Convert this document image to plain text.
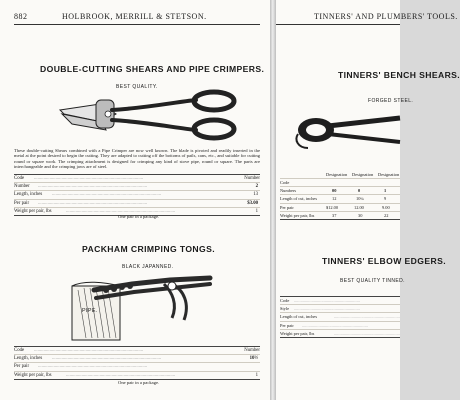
882	HOLBROOK, MERRILL & STETSON.
DOUBLE-CUTTING SHEARS AND PIPE CRIMPERS.
BEST QUALITY.
These double-cutting Shears combined with a Pipe Crimper are now well known. The blade is pivoted and readily inserted in the metal at the point desired to begin the cutting. They are adapted to cutting off the bottoms of pails, cans, etc., and suitable for cutting round or square work. The crimping attachment is designed for crimping any kind of stove pipe, round or square. The parts are interchangeable and the crimping jaws are of steel.
Code ...........................................................................................	Number
Number ...........................................................................................	2
Length, inches ...........................................................................................	13
Per pair ...........................................................................................	$3.00
Weight per pair, lbs	...........................................................................................	1
One pair in a package.
PACKHAM CRIMPING TONGS.
BLACK JAPANNED.
PIPE.
Code ...........................................................................................	Number
Length, inches ...........................................................................................	10½
Per pair ...........................................................................................
Weight per pair, lbs	...........................................................................................	1
One pair in a package.
TINNERS' AND PLUMBERS' TOOLS.
TINNERS' BENCH SHEARS.
FORGED STEEL.
Designation Designation Designation
Code
Numbers	00	0	1
Length of cut, inches	12	10¼	9
Per pair	$12.00	12.00	9.00
Weight per pair, lbs	37	30	22
TINNERS' ELBOW EDGERS.
BEST QUALITY TINNED.
Code ............................................................
Style ............................................................
Length of cut, inches	............................................................
Per pair ............................................................
Weight per pair, lbs	............................................................
